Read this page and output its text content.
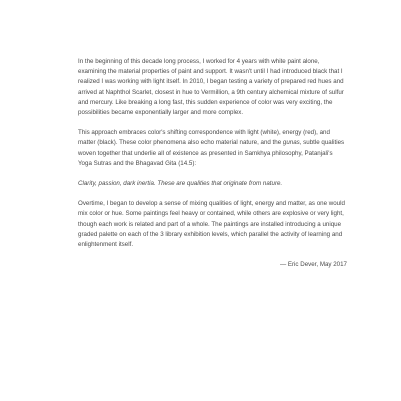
In the beginning of this decade long process, I worked for 4 years with white paint alone, examining the material properties of paint and support. It wasn't until I had introduced black that I realized I was working with light itself. In 2010, I began testing a variety of prepared red hues and arrived at Naphthol Scarlet, closest in hue to Vermillion, a 9th century alchemical mixture of sulfur and mercury. Like breaking a long fast, this sudden experience of color was very exciting, the possibilities became exponentially larger and more complex.

This approach embraces color's shifting correspondence with light (white), energy (red), and matter (black). These color phenomena also echo material nature, and the gunas, subtle qualities woven together that underlie all of existence as presented in Samkhya philosophy, Patanjali's Yoga Sutras and the Bhagavad Gita (14.5):

Clarity, passion, dark inertia. These are qualities that originate from nature.

Overtime, I began to develop a sense of mixing qualities of light, energy and matter, as one would mix color or hue. Some paintings feel heavy or contained, while others are explosive or very light, though each work is related and part of a whole. The paintings are installed introducing a unique graded palette on each of the 3 library exhibition levels, which parallel the activity of learning and enlightenment itself.

— Eric Dever, May 2017
